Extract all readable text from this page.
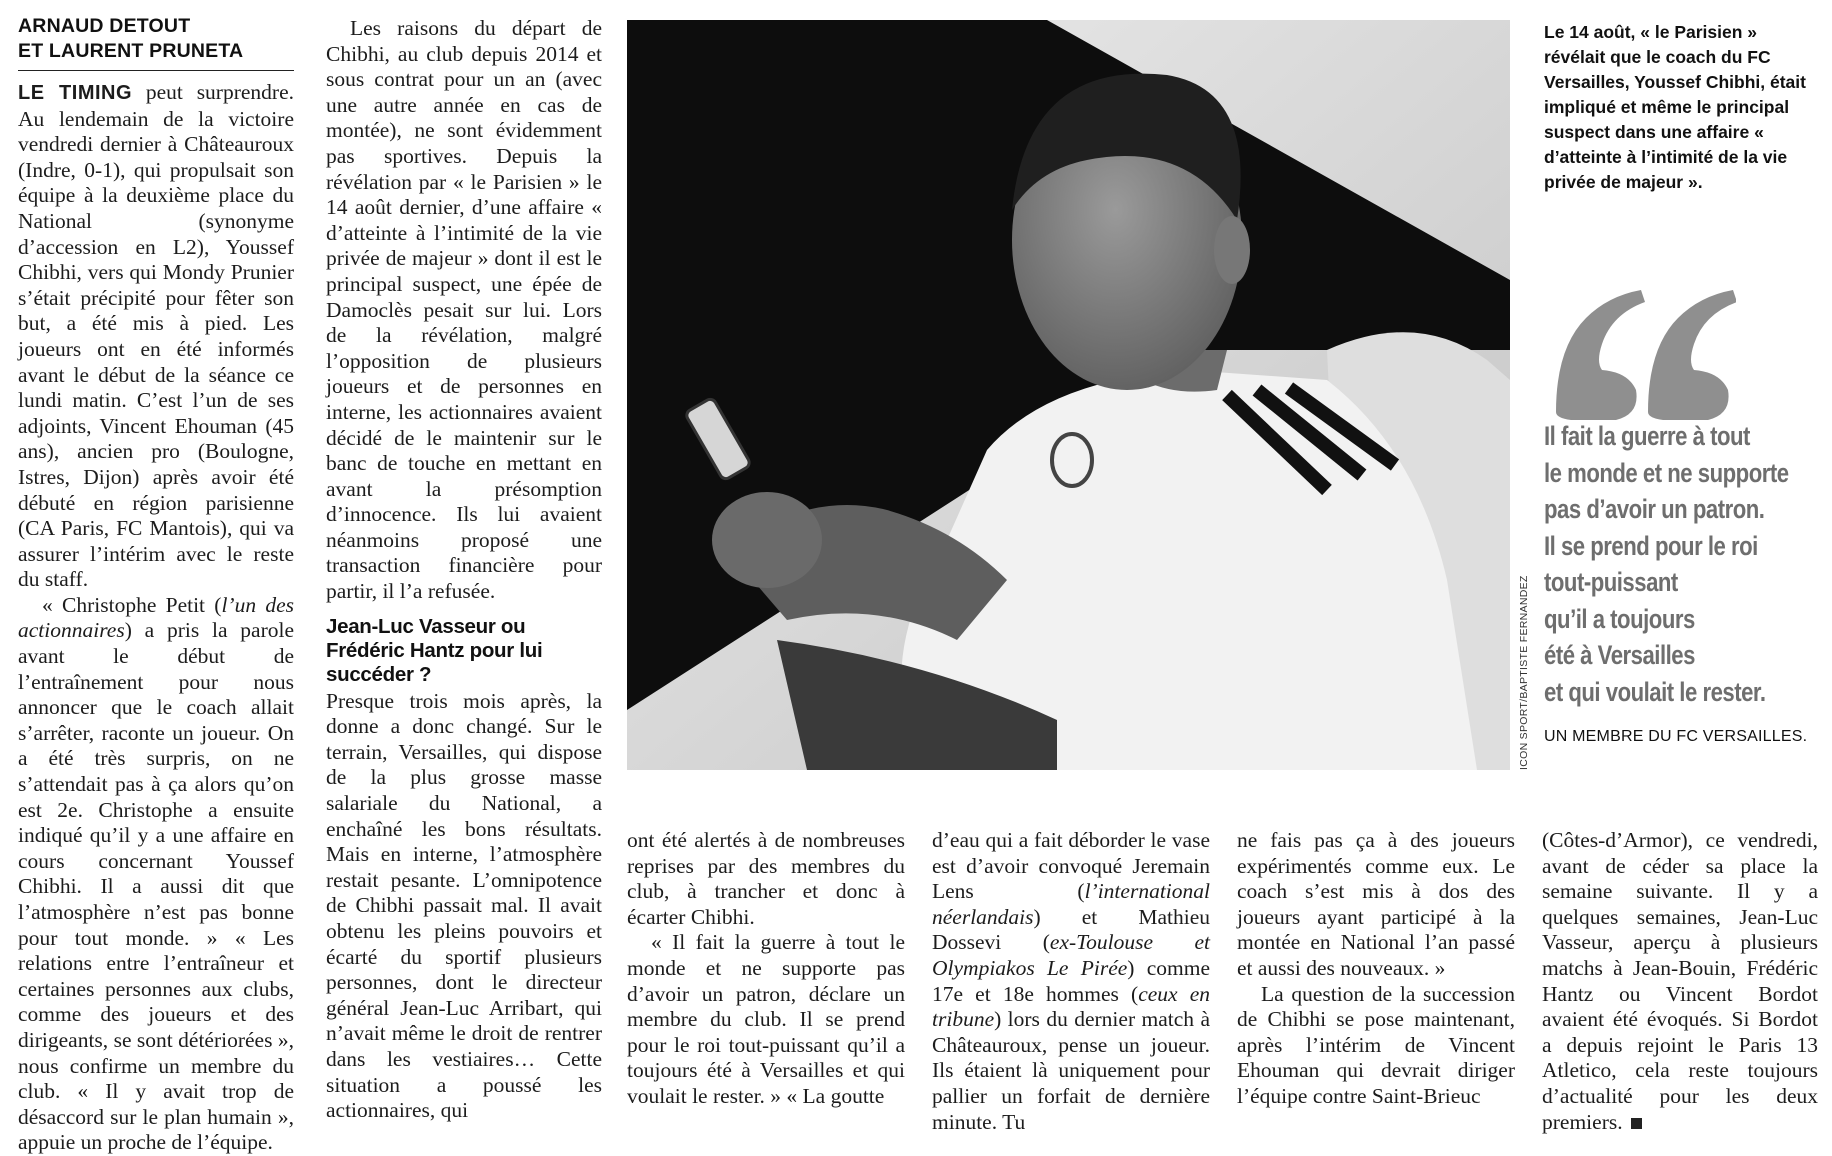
ARNAUD DETOUT
ET LAURENT PRUNETA

LE TIMING peut surprendre. Au lendemain de la victoire vendredi dernier à Châteauroux (Indre, 0-1), qui propulsait son équipe à la deuxième place du National (synonyme d’accession en L2), Youssef Chibhi, vers qui Mondy Prunier s’était précipité pour fêter son but, a été mis à pied. Les joueurs ont en été informés avant le début de la séance ce lundi matin. C’est l’un de ses adjoints, Vincent Ehouman (45 ans), ancien pro (Boulogne, Istres, Dijon) après avoir été débuté en région parisienne (CA Paris, FC Mantois), qui va assurer l’intérim avec le reste du staff.

« Christophe Petit (l’un des actionnaires) a pris la parole avant le début de l’entraînement pour nous annoncer que le coach allait s’arrêter, raconte un joueur. On a été très surpris, on ne s’attendait pas à ça alors qu’on est 2e. Christophe a ensuite indiqué qu’il y a une affaire en cours concernant Youssef Chibhi. Il a aussi dit que l’atmosphère n’est pas bonne pour tout monde. » « Les relations entre l’entraîneur et certaines personnes aux clubs, comme des joueurs et des dirigeants, se sont détériorées », nous confirme un membre du club. « Il y avait trop de désaccord sur le plan humain », appuie un proche de l’équipe.

Les raisons du départ de Chibhi, au club depuis 2014 et sous contrat pour un an (avec une autre année en cas de montée), ne sont évidemment pas sportives. Depuis la révélation par « le Parisien » le 14 août dernier, d’une affaire « d’atteinte à l’intimité de la vie privée de majeur » dont il est le principal suspect, une épée de Damoclès pesait sur lui. Lors de la révélation, malgré l’opposition de plusieurs joueurs et de personnes en interne, les actionnaires avaient décidé de le maintenir sur le banc de touche en mettant en avant la présomption d’innocence. Ils lui avaient néanmoins proposé une transaction financière pour partir, il l’a refusée.

Jean-Luc Vasseur ou Frédéric Hantz pour lui succéder ?

Presque trois mois après, la donne a donc changé. Sur le terrain, Versailles, qui dispose de la plus grosse masse salariale du National, a enchaîné les bons résultats. Mais en interne, l’atmosphère restait pesante. L’omnipotence de Chibhi passait mal. Il avait obtenu les pleins pouvoirs et écarté du sportif plusieurs personnes, dont le directeur général Jean-Luc Arribart, qui n’avait même le droit de rentrer dans les vestiaires… Cette situation a poussé les actionnaires, qui

ICON SPORT/BAPTISTE FERNANDEZ
Le 14 août, « le Parisien » révélait que le coach du FC Versailles, Youssef Chibhi, était impliqué et même le principal suspect dans une affaire « d’atteinte à l’intimité de la vie privée de majeur ».
Il fait la guerre à tout
le monde et ne supporte
pas d’avoir un patron.
Il se prend pour le roi
tout-puissant
qu’il a toujours
été à Versailles
et qui voulait le rester.
UN MEMBRE DU FC VERSAILLES.

ont été alertés à de nombreuses reprises par des membres du club, à trancher et donc à écarter Chibhi.

« Il fait la guerre à tout le monde et ne supporte pas d’avoir un patron, déclare un membre du club. Il se prend pour le roi tout-puissant qu’il a toujours été à Versailles et qui voulait le rester. » « La goutte

d’eau qui a fait déborder le vase est d’avoir convoqué Jeremain Lens (l’international néerlandais) et Mathieu Dossevi (ex-Toulouse et Olympiakos Le Pirée) comme 17e et 18e hommes (ceux en tribune) lors du dernier match à Châteauroux, pense un joueur. Ils étaient là uniquement pour pallier un forfait de dernière minute. Tu

ne fais pas ça à des joueurs expérimentés comme eux. Le coach s’est mis à dos des joueurs ayant participé à la montée en National l’an passé et aussi des nouveaux. »

La question de la succession de Chibhi se pose maintenant, après l’intérim de Vincent Ehouman qui devrait diriger l’équipe contre Saint-Brieuc

(Côtes-d’Armor), ce vendredi, avant de céder sa place la semaine suivante. Il y a quelques semaines, Jean-Luc Vasseur, aperçu à plusieurs matchs à Jean-Bouin, Frédéric Hantz ou Vincent Bordot avaient été évoqués. Si Bordot a depuis rejoint le Paris 13 Atletico, cela reste toujours d’actualité pour les deux premiers.
